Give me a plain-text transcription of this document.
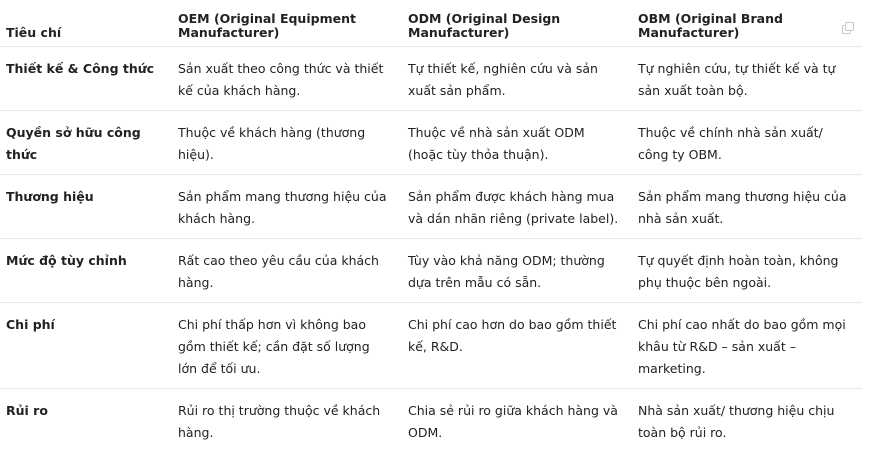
Tiêu chí	OEM (Original Equipment Manufacturer)	ODM (Original Design Manufacturer)	OBM (Original Brand Manufacturer)
Thiết kế & Công thức	Sản xuất theo công thức và thiết kế của khách hàng.	Tự thiết kế, nghiên cứu và sản xuất sản phẩm.	Tự nghiên cứu, tự thiết kế và tự sản xuất toàn bộ.
Quyền sở hữu công thức	Thuộc về khách hàng (thương hiệu).	Thuộc về nhà sản xuất ODM (hoặc tùy thỏa thuận).	Thuộc về chính nhà sản xuất/ công ty OBM.
Thương hiệu	Sản phẩm mang thương hiệu của khách hàng.	Sản phẩm được khách hàng mua và dán nhãn riêng (private label).	Sản phẩm mang thương hiệu của nhà sản xuất.
Mức độ tùy chỉnh	Rất cao theo yêu cầu của khách hàng.	Tùy vào khả năng ODM; thường dựa trên mẫu có sẵn.	Tự quyết định hoàn toàn, không phụ thuộc bên ngoài.
Chi phí	Chi phí thấp hơn vì không bao gồm thiết kế; cần đặt số lượng lớn để tối ưu.	Chi phí cao hơn do bao gồm thiết kế, R&D.	Chi phí cao nhất do bao gồm mọi khâu từ R&D – sản xuất – marketing.
Rủi ro	Rủi ro thị trường thuộc về khách hàng.	Chia sẻ rủi ro giữa khách hàng và ODM.	Nhà sản xuất/ thương hiệu chịu toàn bộ rủi ro.
